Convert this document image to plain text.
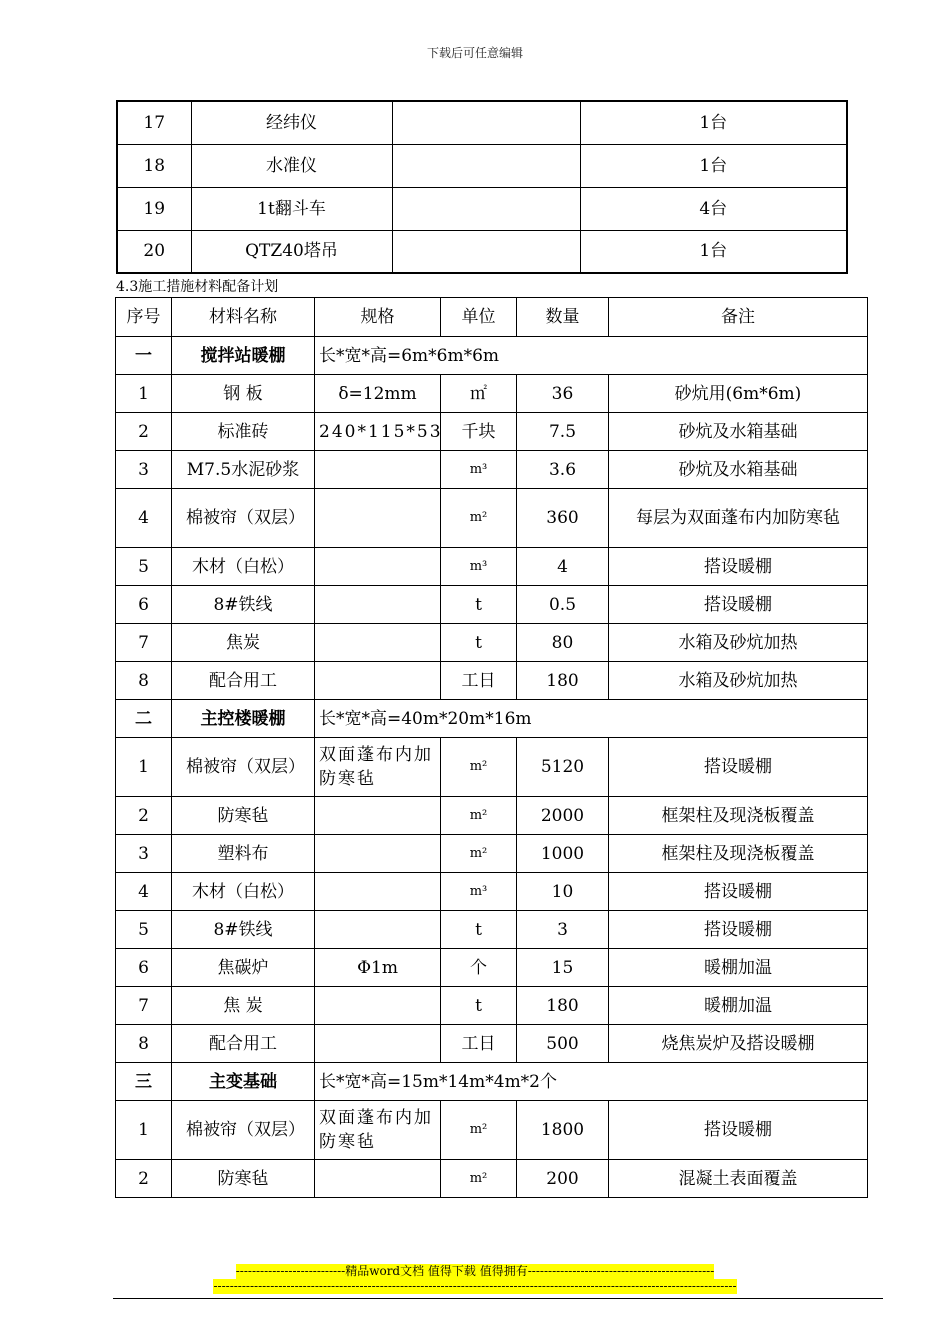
下载后可任意编辑
17	经纬仪		1台
18	水准仪		1台
19	1t翻斗车		4台
20	QTZ40塔吊		1台
4.3施工措施材料配备计划
序号	材料名称	规格	单位	数量	备注
一	搅拌站暖棚	长*宽*高=6m*6m*6m			
1	钢 板	δ=12mm	㎡	36	砂炕用(6m*6m)
2	标准砖	240*115*53	千块	7.5	砂炕及水箱基础
3	M7.5水泥砂浆		m³	3.6	砂炕及水箱基础
4	棉被帘（双层）		m²	360	每层为双面蓬布内加防寒毡
5	木材（白松）		m³	4	搭设暖棚
6	8#铁线		t	0.5	搭设暖棚
7	焦炭		t	80	水箱及砂炕加热
8	配合用工		工日	180	水箱及砂炕加热
二	主控楼暖棚	长*宽*高=40m*20m*16m			
1	棉被帘（双层）	双面蓬布内加防寒毡	m²	5120	搭设暖棚
2	防寒毡		m²	2000	框架柱及现浇板覆盖
3	塑料布		m²	1000	框架柱及现浇板覆盖
4	木材（白松）		m³	10	搭设暖棚
5	8#铁线		t	3	搭设暖棚
6	焦碳炉	Φ1m	个	15	暖棚加温
7	焦 炭		t	180	暖棚加温
8	配合用工		工日	500	烧焦炭炉及搭设暖棚
三	主变基础	长*宽*高=15m*14m*4m*2个			
1	棉被帘（双层）	双面蓬布内加防寒毡	m²	1800	搭设暖棚
2	防寒毡		m²	200	混凝土表面覆盖
---------------------------精品word文档 值得下载 值得拥有----------------------------------------------
---------------------------------------------------------------------------------------------------------------------------------
